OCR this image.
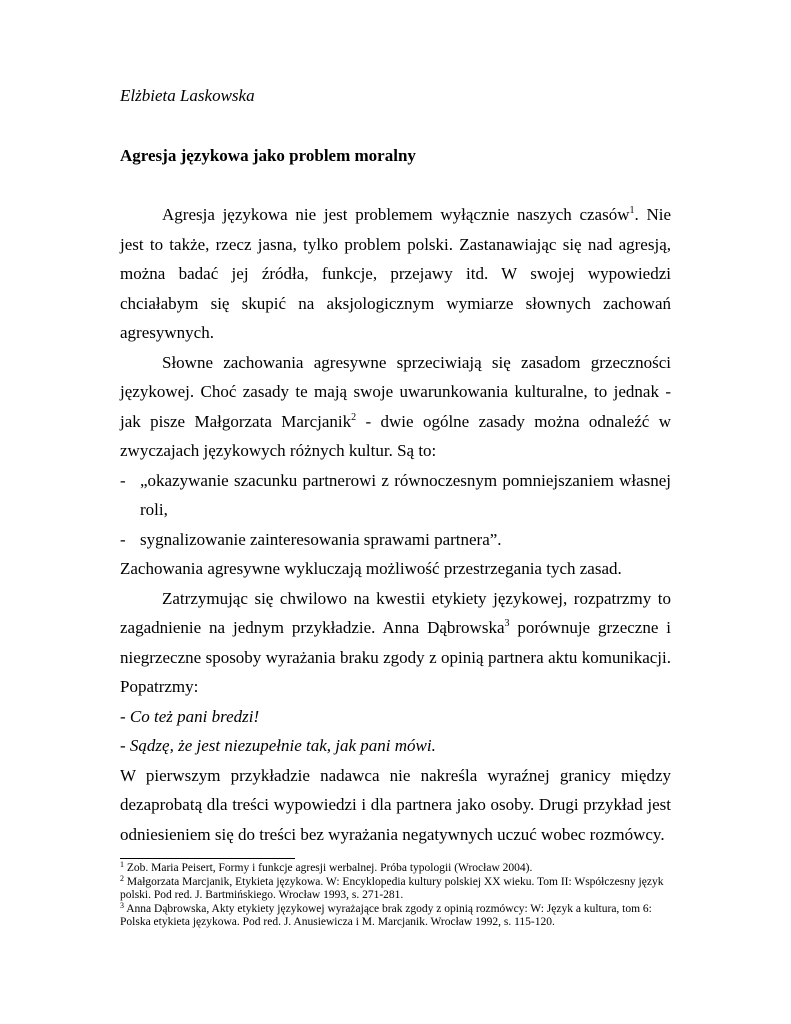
Elżbieta Laskowska
Agresja językowa jako problem moralny

Agresja językowa nie jest problemem wyłącznie naszych czasów$^1$. Nie jest to także, rzecz jasna, tylko problem polski. Zastanawiając się nad agresją, można badać jej źródła, funkcje, przejawy itd. W swojej wypowiedzi chciałabym się skupić na aksjologicznym wymiarze słownych zachowań agresywnych.

Słowne zachowania agresywne sprzeciwiają się zasadom grzeczności językowej. Choć zasady te mają swoje uwarunkowania kulturalne, to jednak - jak pisze Małgorzata Marcjanik$^2$ - dwie ogólne zasady można odnaleźć w zwyczajach językowych różnych kultur. Są to:

- „okazywanie szacunku partnerowi z równoczesnym pomniejszaniem własnej roli,
- sygnalizowanie zainteresowania sprawami partnera”.

Zachowania agresywne wykluczają możliwość przestrzegania tych zasad.

Zatrzymując się chwilowo na kwestii etykiety językowej, rozpatrzmy to zagadnienie na jednym przykładzie. Anna Dąbrowska$^3$ porównuje grzeczne i niegrzeczne sposoby wyrażania braku zgody z opinią partnera aktu komunikacji. Popatrzmy:

- Co też pani bredzi!

- Sądzę, że jest niezupełnie tak, jak pani mówi.

W pierwszym przykładzie nadawca nie nakreśla wyraźnej granicy między dezaprobatą dla treści wypowiedzi i dla partnera jako osoby. Drugi przykład jest odniesieniem się do treści bez wyrażania negatywnych uczuć wobec rozmówcy.

$^1$ Zob. Maria Peisert, Formy i funkcje agresji werbalnej. Próba typologii (Wrocław 2004).

$^2$ Małgorzata Marcjanik, Etykieta językowa. W: Encyklopedia kultury polskiej XX wieku. Tom II: Współczesny język polski. Pod red. J. Bartmińskiego. Wrocław 1993, s. 271-281.

$^3$ Anna Dąbrowska, Akty etykiety językowej wyrażające brak zgody z opinią rozmówcy: W: Język a kultura, tom 6: Polska etykieta językowa. Pod red. J. Anusiewicza i M. Marcjanik. Wrocław 1992, s. 115-120.
